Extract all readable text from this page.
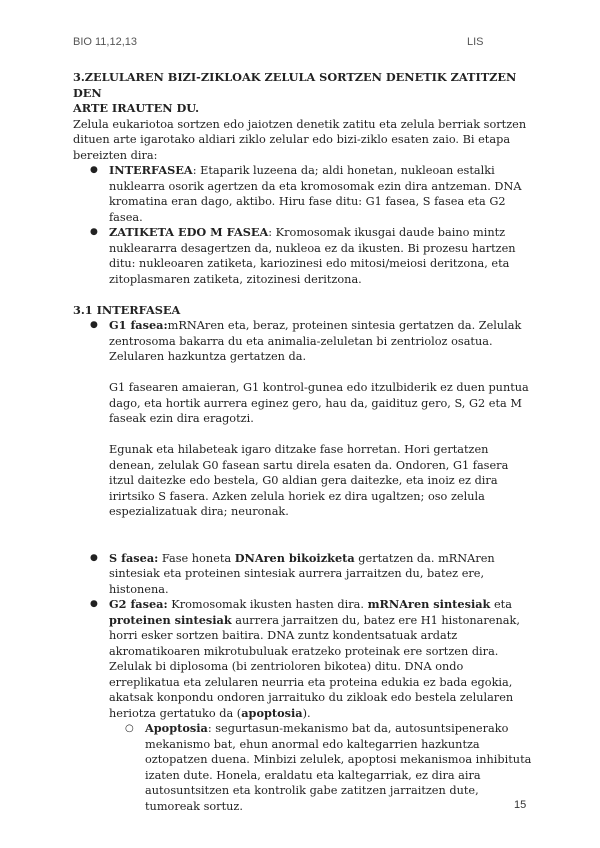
BIO 11,12,13	LIS
3.ZELULAREN BIZI-ZIKLOAK ZELULA SORTZEN DENETIK ZATITZEN DEN
ARTE IRAUTEN DU.

Zelula eukariotoa sortzen edo jaiotzen denetik zatitu eta zelula berriak sortzen dituen arte igarotako aldiari ziklo zelular edo bizi-ziklo esaten zaio. Bi etapa bereizten dira:

● INTERFASEA: Etaparik luzeena da; aldi honetan, nukleoan estalki nuklearra osorik agertzen da eta kromosomak ezin dira antzeman. DNA kromatina eran dago, aktibo. Hiru fase ditu: G1 fasea, S fasea eta G2 fasea.
● ZATIKETA EDO M FASEA: Kromosomak ikusgai daude baino mintz nukleararra desagertzen da, nukleoa ez da ikusten. Bi prozesu hartzen ditu: nukleoaren zatiketa, kariozinesi edo mitosi/meiosi deritzona, eta zitoplasmaren zatiketa, zitozinesi deritzona.
3.1 INTERFASEA

● G1 fasea:mRNAren eta, beraz, proteinen sintesia gertatzen da. Zelulak zentrosoma bakarra du eta animalia-zeluletan bi zentrioloz osatua. Zelularen hazkuntza gertatzen da.

G1 fasearen amaieran, G1 kontrol-gunea edo itzulbiderik ez duen puntua dago, eta hortik aurrera eginez gero, hau da, gaidituz gero, S, G2 eta M faseak ezin dira eragotzi.

Egunak eta hilabeteak igaro ditzake fase horretan. Hori gertatzen denean, zelulak G0 fasean sartu direla esaten da. Ondoren, G1 fasera itzul daitezke edo bestela, G0 aldian gera daitezke, eta inoiz ez dira irirtsiko S fasera. Azken zelula horiek ez dira ugaltzen; oso zelula espezializatuak dira; neuronak.

● S fasea: Fase honeta DNAren bikoizketa gertatzen da. mRNAren sintesiak eta proteinen sintesiak aurrera jarraitzen du, batez ere, histonena.
● G2 fasea: Kromosomak ikusten hasten dira. mRNAren sintesiak eta proteinen sintesiak aurrera jarraitzen du, batez ere H1 histonarenak, horri esker sortzen baitira. DNA zuntz kondentsatuak ardatz akromatikoaren mikrotubuluak eratzeko proteinak ere sortzen dira. Zelulak bi diplosoma (bi zentrioloren bikotea) ditu. DNA ondo erreplikatua eta zelularen neurria eta proteina edukia ez bada egokia, akatsak konpondu ondoren jarraituko du zikloak edo bestela zelularen heriotza gertatuko da (apoptosia).
○ Apoptosia: segurtasun-mekanismo bat da, autosuntsipenerako mekanismo bat, ehun anormal edo kaltegarrien hazkuntza oztopatzen duena. Minbizi zelulek, apoptosi mekanismoa inhibituta izaten dute. Honela, eraldatu eta kaltegarriak, ez dira aira autosuntsitzen eta kontrolik gabe zatitzen jarraitzen dute, tumoreak sortuz.	15
